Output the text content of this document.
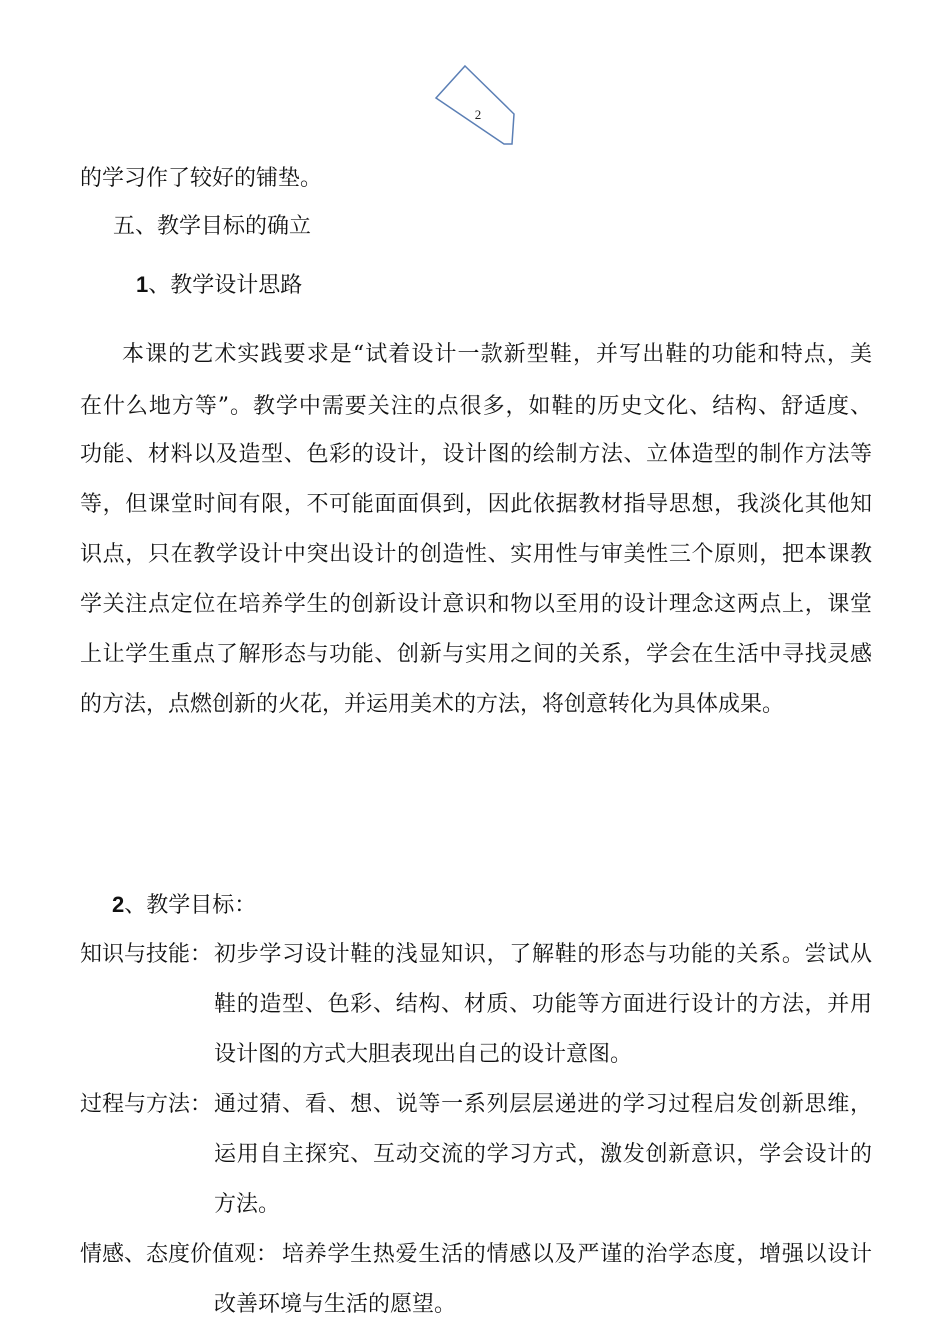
2
的学习作了较好的铺垫。
五、教学目标的确立
1、教学设计思路
本课的艺术实践要求是“试着设计一款新型鞋，并写出鞋的功能和特点，美
在什么地方等”。教学中需要关注的点很多，如鞋的历史文化、结构、舒适度、
功能、材料以及造型、色彩的设计，设计图的绘制方法、立体造型的制作方法等
等，但课堂时间有限，不可能面面俱到，因此依据教材指导思想，我淡化其他知
识点，只在教学设计中突出设计的创造性、实用性与审美性三个原则，把本课教
学关注点定位在培养学生的创新设计意识和物以至用的设计理念这两点上，课堂
上让学生重点了解形态与功能、创新与实用之间的关系，学会在生活中寻找灵感
的方法，点燃创新的火花，并运用美术的方法，将创意转化为具体成果。
2、教学目标：
知识与技能： 初步学习设计鞋的浅显知识，了解鞋的形态与功能的关系。尝试从
鞋的造型、色彩、结构、材质、功能等方面进行设计的方法，并用
设计图的方式大胆表现出自己的设计意图。
过程与方法： 通过猜、看、想、说等一系列层层递进的学习过程启发创新思维，
运用自主探究、互动交流的学习方式，激发创新意识，学会设计的
方法。
情感、态度价值观： 培养学生热爱生活的情感以及严谨的治学态度，增强以设计
改善环境与生活的愿望。
